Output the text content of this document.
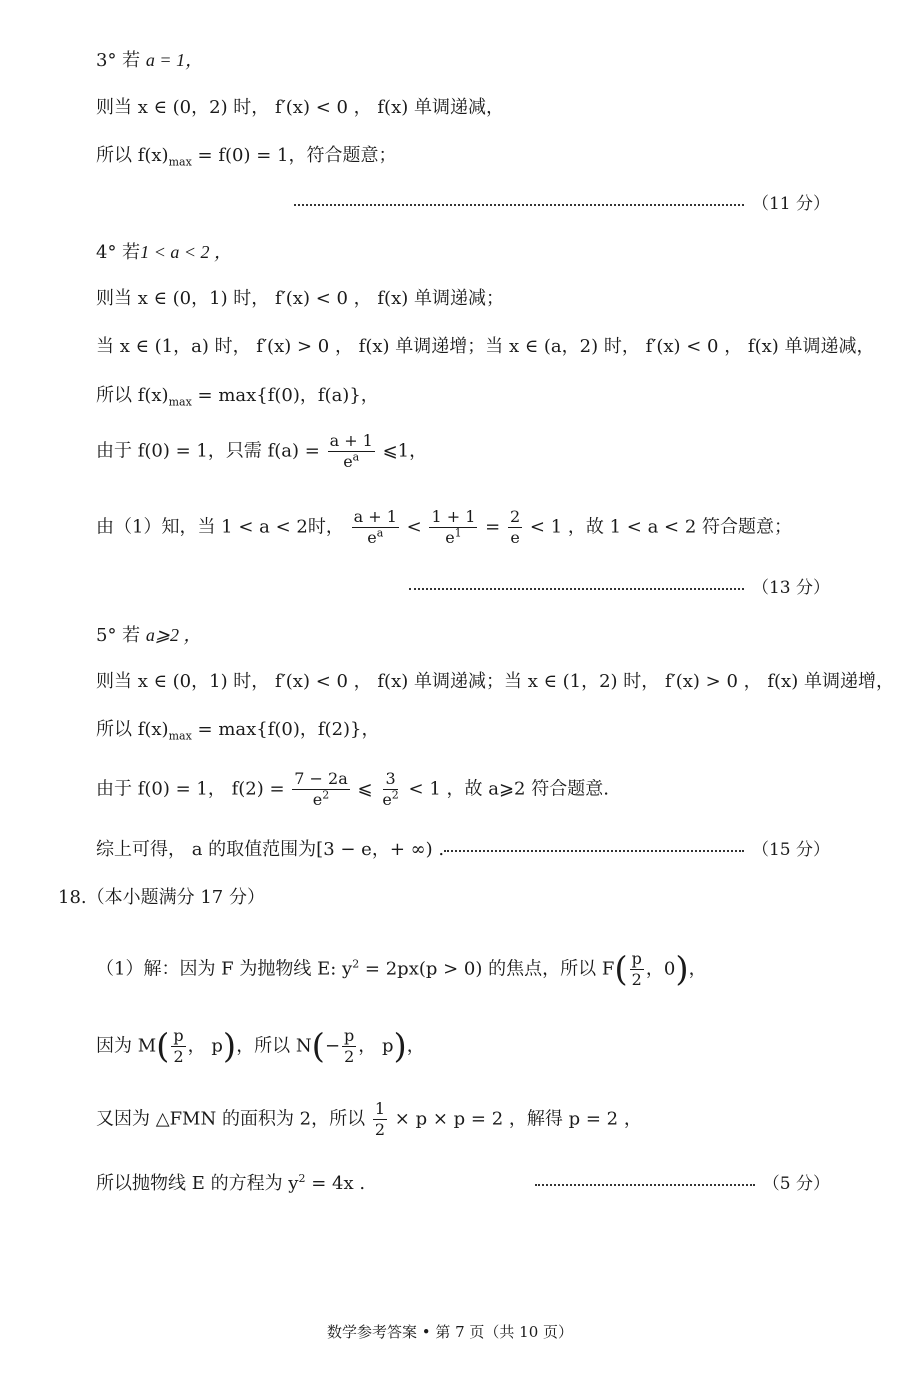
3° 若 a = 1，
则当 x ∈ (0，2) 时， f′(x) < 0 ， f(x) 单调递减，
所以 $f(x)_{max} = f(0) = 1$，符合题意；
（11 分）
4° 若1 < a < 2 ，
则当 x ∈ (0，1) 时， f′(x) < 0 ， f(x) 单调递减；
当 x ∈ (1，a) 时， f′(x) > 0 ， f(x) 单调递增；当 x ∈ (a，2) 时， f′(x) < 0 ， f(x) 单调递减，
所以 $f(x)_{max} = \max\{f(0)$，f(a)}，
由于 f(0) = 1，只需 $f(a) = \frac{a + 1}{e^a}$ ⩽1，
由（1）知，当 1 < a < 2时， $\frac{a + 1}{e^a} < \frac{1 + 1}{e^1} = \frac{2}{e} < 1$ ，故 1 < a < 2 符合题意；
（13 分）
5° 若 a⩾2 ，
则当 x ∈ (0，1) 时， f′(x) < 0 ， f(x) 单调递减；当 x ∈ (1，2) 时， f′(x) > 0 ， f(x) 单调递增，
所以 $f(x)_{max} = \max\{f(0)$，f(2)}，
由于 f(0) = 1， $f(2) = \frac{7 - 2a}{e^2}$ ⩽ $\frac{3}{e^2} < 1$ ，故 a⩾2 符合题意.
综上可得， a 的取值范围为[3 − e，+ ∞) .	（15 分）
18.（本小题满分 17 分）
（1）解：因为 F 为抛物线 E: $y^2 = 2px(p > 0)$ 的焦点，所以 $F( \frac{p}{2}$ ，0)，
因为 $M( \frac{p}{2}$ ， p)，所以 $N(- \frac{p}{2}$ ， p)，
又因为 △FMN 的面积为 2，所以 $\frac{1}{2} \times p \times p = 2$ ，解得 p = 2 ，
所以抛物线 E 的方程为 $y^2 = 4x$ .	（5 分）
数学参考答案 • 第 7 页（共 10 页）
